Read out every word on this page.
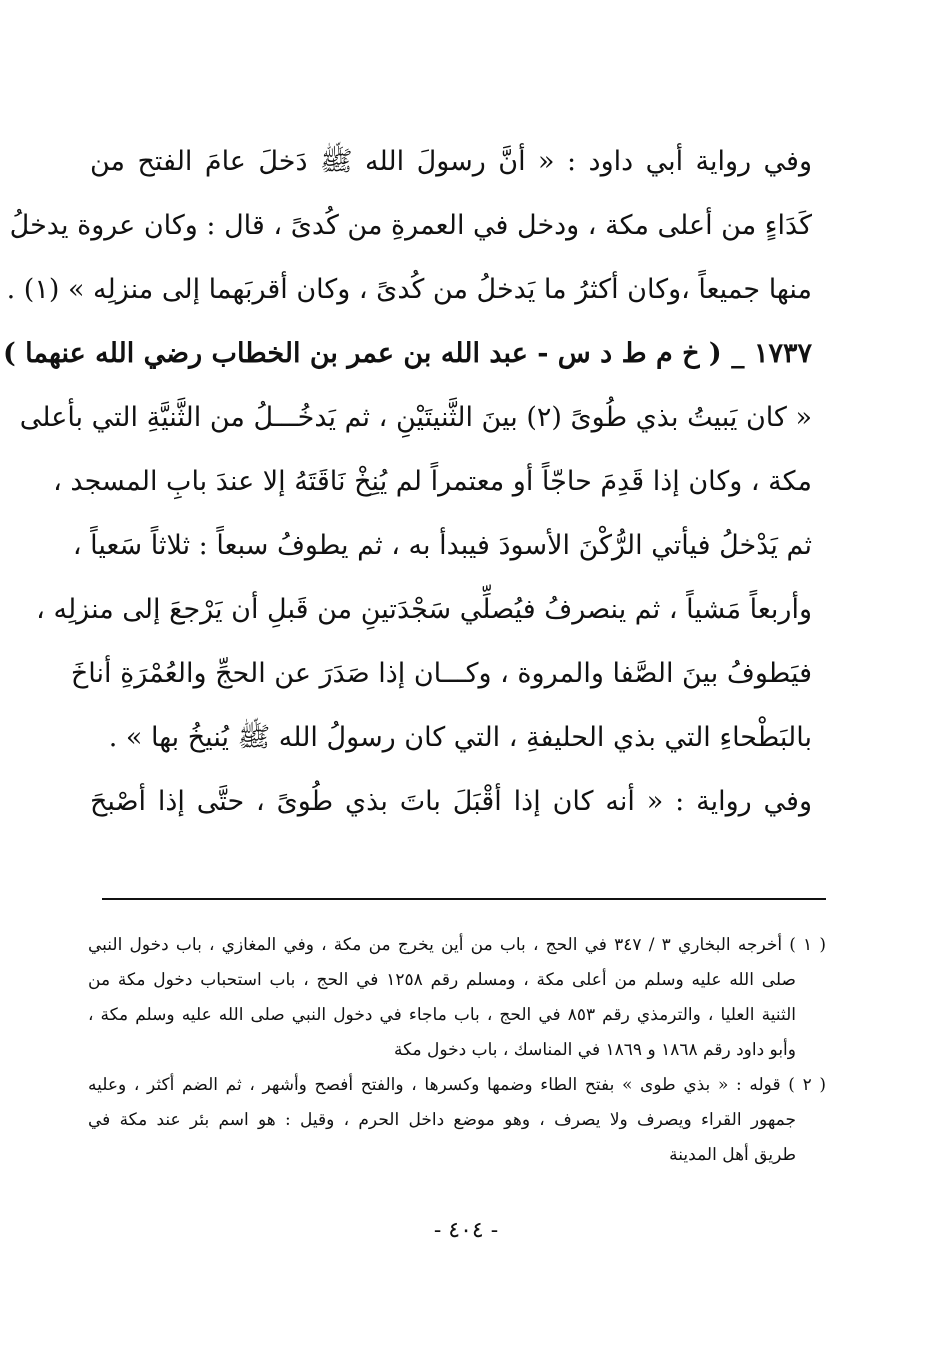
وفي رواية أبي داود : « أنَّ رسولَ الله ﷺ دَخلَ عامَ الفتح من
كَدَاءٍ من أعلى مكة ، ودخل في العمرةِ من كُدىً ، قال : وكان عروة يدخلُ
منها جميعاً ،وكان أكثرُ ما يَدخلُ من كُدىً ، وكان أقربَهما إلى منزلِه » (١) .
١٧٣٧ _ ( خ م ط د س - عبد الله بن عمر بن الخطاب رضي الله عنهما )
« كان يَبيتُ بذي طُوىً (٢) بينَ الثَّنيتَيْنِ ، ثم يَدخُـــلُ من الثَّنيَّةِ التي بأعلى
مكة ، وكان إذا قَدِمَ حاجّاً أو معتمراً لم يُنِخْ نَاقَتَهُ إلا عندَ بابِ المسجد ،
ثم يَدْخلُ فيأتي الرُّكْنَ الأسودَ فيبدأ به ، ثم يطوفُ سبعاً : ثلاثاً سَعياً ،
وأربعاً مَشياً ، ثم ينصرفُ فيُصلِّي سَجْدَتينِ من قَبلِ أن يَرْجعَ إلى منزلِه ،
فيَطوفُ بينَ الصَّفا والمروة ، وكـــان إذا صَدَرَ عن الحجِّ والعُمْرَةِ أناخَ
بالبَطْحاءِ التي بذي الحليفةِ ، التي كان رسولُ الله ﷺ يُنيخُ بها » .
وفي رواية : « أنه كان إذا أقْبَلَ باتَ بذي طُوىً ، حتَّى إذا أصْبحَ
( ١ ) أخرجه البخاري ٣ / ٣٤٧ في الحج ، باب من أين يخرج من مكة ، وفي المغازي ، باب دخول النبي
صلى الله عليه وسلم من أعلى مكة ، ومسلم رقم ١٢٥٨ في الحج ، باب استحباب دخول مكة من
الثنية العليا ، والترمذي رقم ٨٥٣ في الحج ، باب ماجاء في دخول النبي صلى الله عليه وسلم مكة ،
وأبو داود رقم ١٨٦٨ و ١٨٦٩ في المناسك ، باب دخول مكة
( ٢ ) قوله : « بذي طوى » بفتح الطاء وضمها وكسرها ، والفتح أفصح وأشهر ، ثم الضم أكثر ، وعليه
جمهور القراء ويصرف ولا يصرف ، وهو موضع داخل الحرم ، وقيل : هو اسم بئر عند مكة في
طريق أهل المدينة
- ٤٠٤ -
